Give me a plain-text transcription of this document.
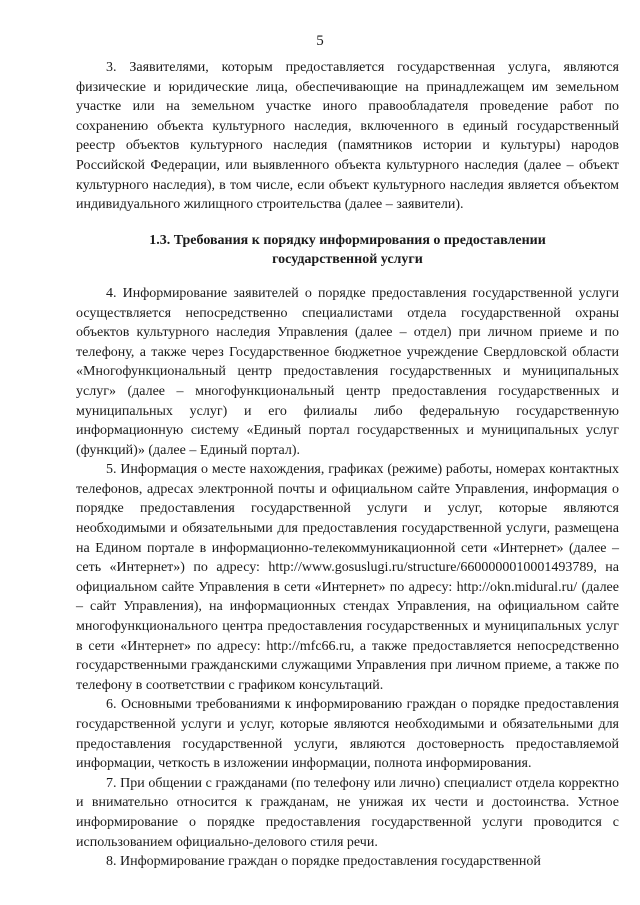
5

3. Заявителями, которым предоставляется государственная услуга, являются физические и юридические лица, обеспечивающие на принадлежащем им земельном участке или на земельном участке иного правообладателя проведение работ по сохранению объекта культурного наследия, включенного в единый государственный реестр объектов культурного наследия (памятников истории и культуры) народов Российской Федерации, или выявленного объекта культурного наследия (далее – объект культурного наследия), в том числе, если объект культурного наследия является объектом индивидуального жилищного строительства (далее – заявители).

1.3. Требования к порядку информирования о предоставлении государственной услуги

4. Информирование заявителей о порядке предоставления государственной услуги осуществляется непосредственно специалистами отдела государственной охраны объектов культурного наследия Управления (далее – отдел) при личном приеме и по телефону, а также через Государственное бюджетное учреждение Свердловской области «Многофункциональный центр предоставления государственных и муниципальных услуг» (далее – многофункциональный центр предоставления государственных и муниципальных услуг) и его филиалы либо федеральную государственную информационную систему «Единый портал государственных и муниципальных услуг (функций)» (далее – Единый портал).

5. Информация о месте нахождения, графиках (режиме) работы, номерах контактных телефонов, адресах электронной почты и официальном сайте Управления, информация о порядке предоставления государственной услуги и услуг, которые являются необходимыми и обязательными для предоставления государственной услуги, размещена на Едином портале в информационно-телекоммуникационной сети «Интернет» (далее – сеть «Интернет») по адресу: http://www.gosuslugi.ru/structure/6600000010001493789, на официальном сайте Управления в сети «Интернет» по адресу: http://okn.midural.ru/ (далее – сайт Управления), на информационных стендах Управления, на официальном сайте многофункционального центра предоставления государственных и муниципальных услуг в сети «Интернет» по адресу: http://mfc66.ru, а также предоставляется непосредственно государственными гражданскими служащими Управления при личном приеме, а также по телефону в соответствии с графиком консультаций.

6. Основными требованиями к информированию граждан о порядке предоставления государственной услуги и услуг, которые являются необходимыми и обязательными для предоставления государственной услуги, являются достоверность предоставляемой информации, четкость в изложении информации, полнота информирования.

7. При общении с гражданами (по телефону или лично) специалист отдела корректно и внимательно относится к гражданам, не унижая их чести и достоинства. Устное информирование о порядке предоставления государственной услуги проводится с использованием официально-делового стиля речи.

8. Информирование граждан о порядке предоставления государственной
